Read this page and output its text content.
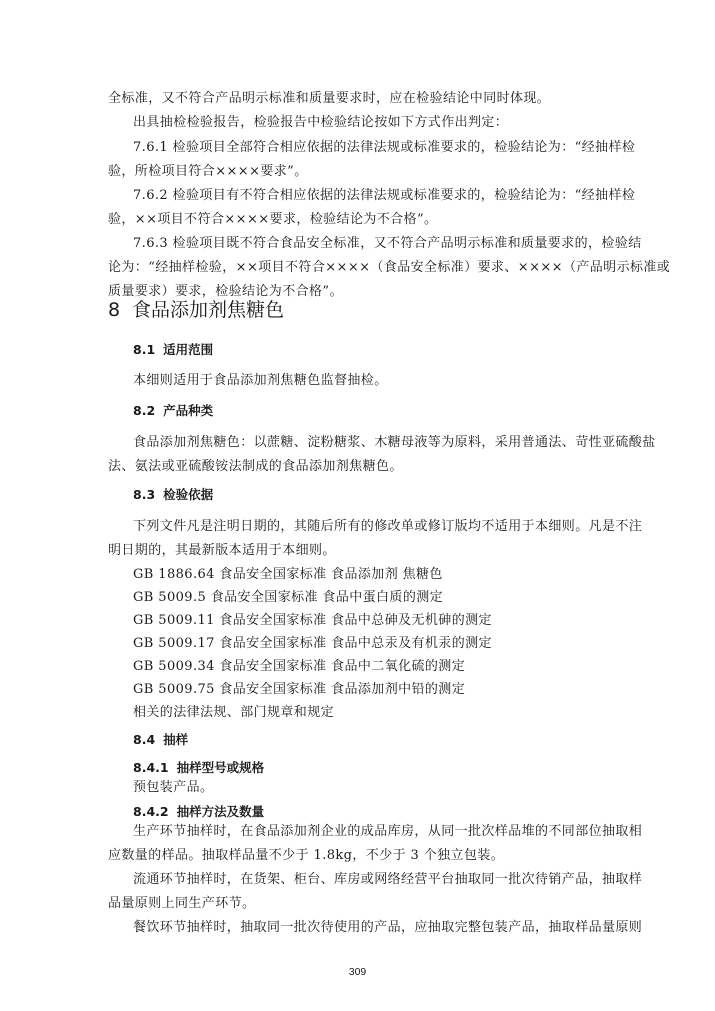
全标准，又不符合产品明示标准和质量要求时，应在检验结论中同时体现。

出具抽检检验报告，检验报告中检验结论按如下方式作出判定：

7.6.1 检验项目全部符合相应依据的法律法规或标准要求的，检验结论为：“经抽样检

验，所检项目符合××××要求”。

7.6.2 检验项目有不符合相应依据的法律法规或标准要求的，检验结论为：“经抽样检

验，××项目不符合××××要求，检验结论为不合格”。

7.6.3 检验项目既不符合食品安全标准，又不符合产品明示标准和质量要求的，检验结

论为：“经抽样检验，××项目不符合××××（食品安全标准）要求、××××（产品明示标准或

质量要求）要求，检验结论为不合格”。

8 食品添加剂焦糖色
8.1 适用范围

本细则适用于食品添加剂焦糖色监督抽检。

8.2 产品种类

食品添加剂焦糖色：以蔗糖、淀粉糖浆、木糖母液等为原料，采用普通法、苛性亚硫酸盐

法、氨法或亚硫酸铵法制成的食品添加剂焦糖色。

8.3 检验依据

下列文件凡是注明日期的，其随后所有的修改单或修订版均不适用于本细则。凡是不注

明日期的，其最新版本适用于本细则。

GB 1886.64 食品安全国家标准 食品添加剂 焦糖色

GB 5009.5 食品安全国家标准 食品中蛋白质的测定

GB 5009.11 食品安全国家标准 食品中总砷及无机砷的测定

GB 5009.17 食品安全国家标准 食品中总汞及有机汞的测定

GB 5009.34 食品安全国家标准 食品中二氧化硫的测定

GB 5009.75 食品安全国家标准 食品添加剂中铅的测定

相关的法律法规、部门规章和规定

8.4 抽样
8.4.1 抽样型号或规格

预包装产品。

8.4.2 抽样方法及数量

生产环节抽样时，在食品添加剂企业的成品库房，从同一批次样品堆的不同部位抽取相

应数量的样品。抽取样品量不少于 1.8kg，不少于 3 个独立包装。

流通环节抽样时，在货架、柜台、库房或网络经营平台抽取同一批次待销产品，抽取样

品量原则上同生产环节。

餐饮环节抽样时，抽取同一批次待使用的产品，应抽取完整包装产品，抽取样品量原则

309
